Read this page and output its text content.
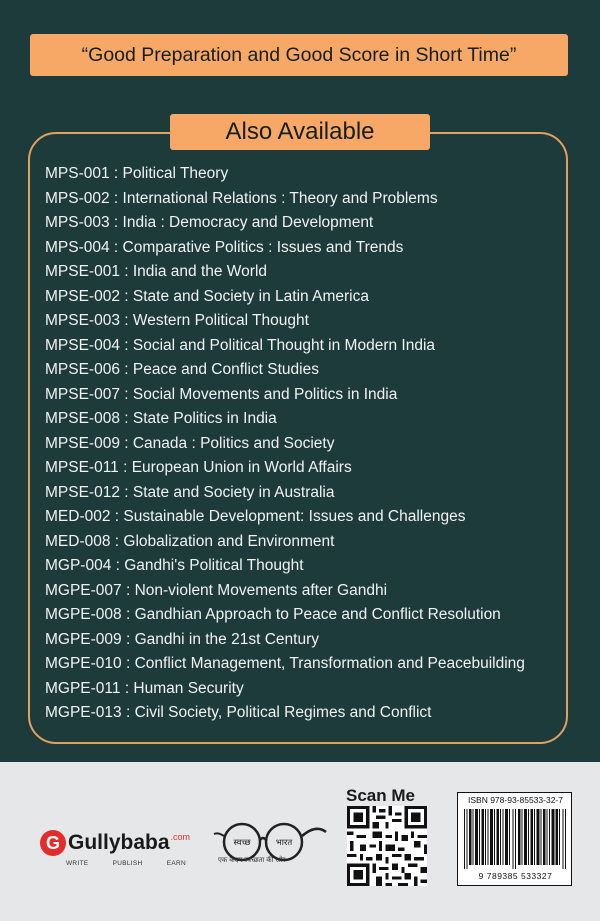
“Good Preparation and Good Score in Short Time”
Also Available
MPS-001 : Political Theory
MPS-002 : International Relations : Theory and Problems
MPS-003 : India : Democracy and Development
MPS-004 : Comparative Politics : Issues and Trends
MPSE-001 : India and the World
MPSE-002 : State and Society in Latin America
MPSE-003 : Western Political Thought
MPSE-004 : Social and Political Thought in Modern India
MPSE-006 : Peace and Conflict Studies
MPSE-007 : Social Movements and Politics in India
MPSE-008 : State Politics in India
MPSE-009 : Canada : Politics and Society
MPSE-011 : European Union in World Affairs
MPSE-012 : State and Society in Australia
MED-002 : Sustainable Development: Issues and Challenges
MED-008 : Globalization and Environment
MGP-004 : Gandhi's Political Thought
MGPE-007 : Non-violent Movements after Gandhi
MGPE-008 : Gandhian Approach to Peace and Conflict Resolution
MGPE-009 : Gandhi in the 21st Century
MGPE-010 : Conflict Management, Transformation and Peacebuilding
MGPE-011 : Human Security
MGPE-013 : Civil Society, Political Regimes and Conflict
G Gullybaba .com
WRITE	PUBLISH	EARN
स्वच्छ	भारत
एक कदम स्वच्छता की ओर
Scan Me	ISBN 978-93-85533-32-7
9 789385 533327
